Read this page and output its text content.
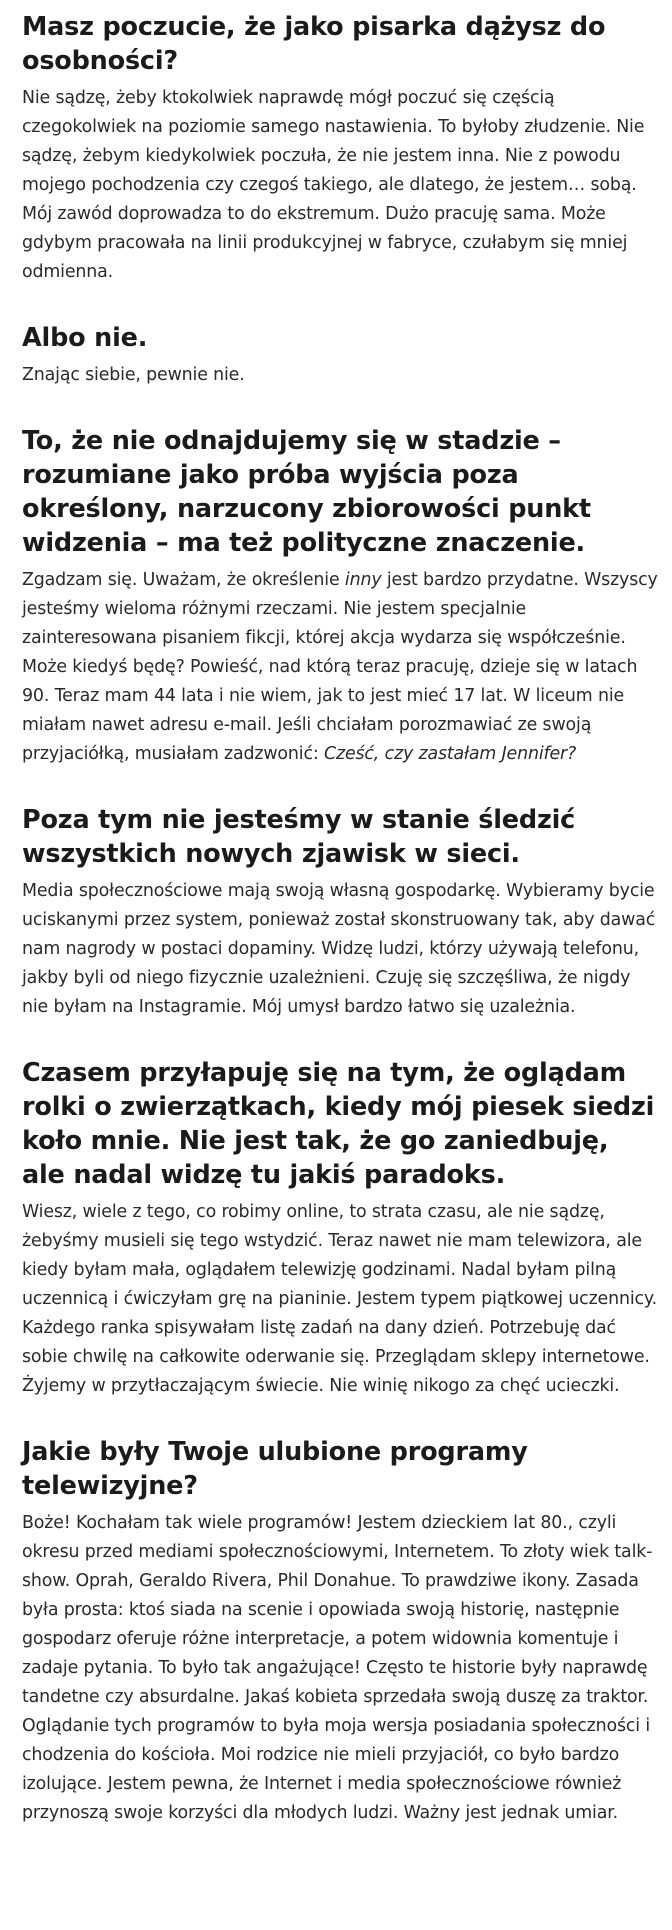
Masz poczucie, że jako pisarka dążysz do osobności?

Nie sądzę, żeby ktokolwiek naprawdę mógł poczuć się częścią czegokolwiek na poziomie samego nastawienia. To byłoby złudzenie. Nie sądzę, żebym kiedykolwiek poczuła, że nie jestem inna. Nie z powodu mojego pochodzenia czy czegoś takiego, ale dlatego, że jestem… sobą. Mój zawód doprowadza to do ekstremum. Dużo pracuję sama. Może gdybym pracowała na linii produkcyjnej w fabryce, czułabym się mniej odmienna.

Albo nie.

Znając siebie, pewnie nie.

To, że nie odnajdujemy się w stadzie – rozumiane jako próba wyjścia poza określony, narzucony zbiorowości punkt widzenia – ma też polityczne znaczenie.

Zgadzam się. Uważam, że określenie inny jest bardzo przydatne. Wszyscy jesteśmy wieloma różnymi rzeczami. Nie jestem specjalnie zainteresowana pisaniem fikcji, której akcja wydarza się współcześnie. Może kiedyś będę? Powieść, nad którą teraz pracuję, dzieje się w latach 90. Teraz mam 44 lata i nie wiem, jak to jest mieć 17 lat. W liceum nie miałam nawet adresu e-mail. Jeśli chciałam porozmawiać ze swoją przyjaciółką, musiałam zadzwonić: Cześć, czy zastałam Jennifer?

Poza tym nie jesteśmy w stanie śledzić wszystkich nowych zjawisk w sieci.

Media społecznościowe mają swoją własną gospodarkę. Wybieramy bycie uciskanymi przez system, ponieważ został skonstruowany tak, aby dawać nam nagrody w postaci dopaminy. Widzę ludzi, którzy używają telefonu, jakby byli od niego fizycznie uzależnieni. Czuję się szczęśliwa, że nigdy nie byłam na Instagramie. Mój umysł bardzo łatwo się uzależnia.

Czasem przyłapuję się na tym, że oglądam rolki o zwierzątkach, kiedy mój piesek siedzi koło mnie. Nie jest tak, że go zaniedbuję, ale nadal widzę tu jakiś paradoks.

Wiesz, wiele z tego, co robimy online, to strata czasu, ale nie sądzę, żebyśmy musieli się tego wstydzić. Teraz nawet nie mam telewizora, ale kiedy byłam mała, oglądałem telewizję godzinami. Nadal byłam pilną uczennicą i ćwiczyłam grę na pianinie. Jestem typem piątkowej uczennicy. Każdego ranka spisywałam listę zadań na dany dzień. Potrzebuję dać sobie chwilę na całkowite oderwanie się. Przeglądam sklepy internetowe. Żyjemy w przytłaczającym świecie. Nie winię nikogo za chęć ucieczki.

Jakie były Twoje ulubione programy telewizyjne?

Boże! Kochałam tak wiele programów! Jestem dzieckiem lat 80., czyli okresu przed mediami społecznościowymi, Internetem. To złoty wiek talk-show. Oprah, Geraldo Rivera, Phil Donahue. To prawdziwe ikony. Zasada była prosta: ktoś siada na scenie i opowiada swoją historię, następnie gospodarz oferuje różne interpretacje, a potem widownia komentuje i zadaje pytania. To było tak angażujące! Często te historie były naprawdę tandetne czy absurdalne. Jakaś kobieta sprzedała swoją duszę za traktor. Oglądanie tych programów to była moja wersja posiadania społeczności i chodzenia do kościoła. Moi rodzice nie mieli przyjaciół, co było bardzo izolujące. Jestem pewna, że Internet i media społecznościowe również przynoszą swoje korzyści dla młodych ludzi. Ważny jest jednak umiar.
